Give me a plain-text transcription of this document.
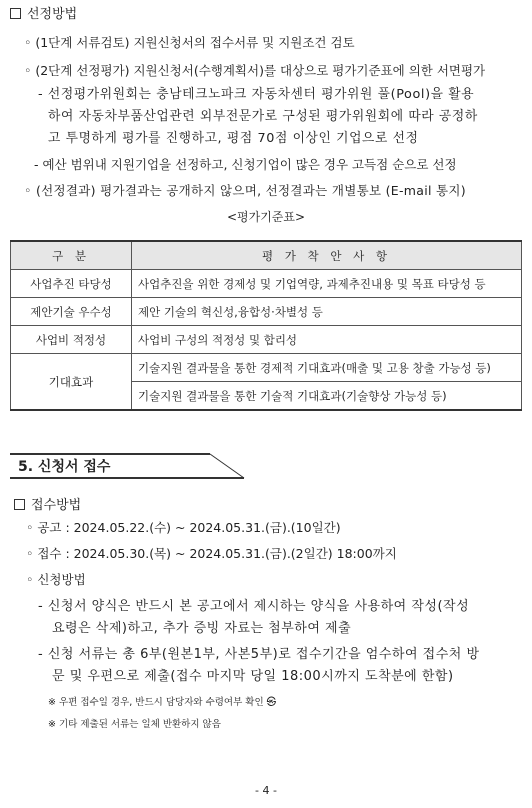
선정방법
◦ (1단계 서류검토) 지원신청서의 접수서류 및 지원조건 검토
◦ (2단계 선정평가) 지원신청서(수행계획서)를 대상으로 평가기준표에 의한 서면평가
- 선정평가위원회는 충남테크노파크 자동차센터 평가위원 풀(Pool)을 활용
하여 자동차부품산업관련 외부전문가로 구성된 평가위원회에 따라 공정하
고 투명하게 평가를 진행하고, 평점 70점 이상인 기업으로 선정
- 예산 범위내 지원기업을 선정하고, 신청기업이 많은 경우 고득점 순으로 선정
◦ (선정결과) 평가결과는 공개하지 않으며, 선정결과는 개별통보 (E-mail 통지)
<평가기준표>
구 분	평 가 착 안 사 항
사업추진 타당성	사업추진을 위한 경제성 및 기업역량, 과제추진내용 및 목표 타당성 등
제안기술 우수성	제안 기술의 혁신성,융합성·차별성 등
사업비 적정성	사업비 구성의 적정성 및 합리성
기대효과	기술지원 결과물을 통한 경제적 기대효과(매출 및 고용 창출 가능성 등)
	기술지원 결과물을 통한 기술적 기대효과(기술향상 가능성 등)
5. 신청서 접수
접수방법
◦ 공고 : 2024.05.22.(수) ~ 2024.05.31.(금).(10일간)
◦ 접수 : 2024.05.30.(목) ~ 2024.05.31.(금).(2일간) 18:00까지
◦ 신청방법
- 신청서 양식은 반드시 본 공고에서 제시하는 양식을 사용하여 작성(작성
요령은 삭제)하고, 추가 증빙 자료는 첨부하여 제출
- 신청 서류는 총 6부(원본1부, 사본5부)로 접수기간을 엄수하여 접수처 방
문 및 우편으로 제출(접수 마지막 당일 18:00시까지 도착분에 한함)
※ 우편 접수일 경우, 반드시 담당자와 수령여부 확인 ㉿
※ 기타 제출된 서류는 일체 반환하지 않음
- 4 -
